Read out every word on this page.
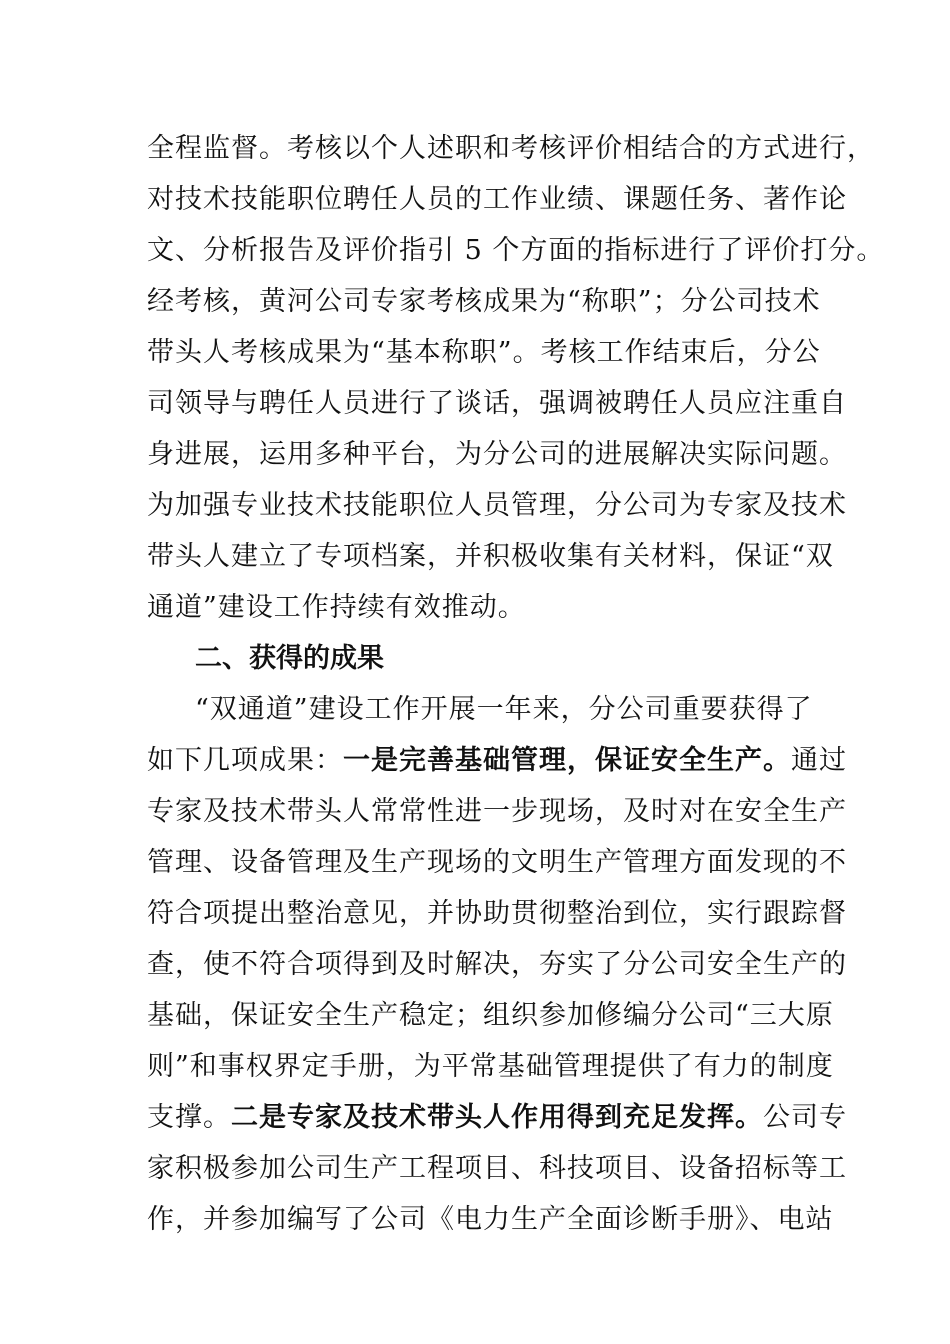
全程监督。考核以个人述职和考核评价相结合的方式进行，
对技术技能职位聘任人员的工作业绩、课题任务、著作论
文、分析报告及评价指引 5 个方面的指标进行了评价打分。
经考核，黄河公司专家考核成果为“称职”；分公司技术
带头人考核成果为“基本称职”。考核工作结束后，分公
司领导与聘任人员进行了谈话，强调被聘任人员应注重自
身进展，运用多种平台，为分公司的进展解决实际问题。
为加强专业技术技能职位人员管理，分公司为专家及技术
带头人建立了专项档案，并积极收集有关材料，保证“双
通道”建设工作持续有效推动。
二、获得的成果
“双通道”建设工作开展一年来，分公司重要获得了
如下几项成果：一是完善基础管理，保证安全生产。通过
专家及技术带头人常常性进一步现场，及时对在安全生产
管理、设备管理及生产现场的文明生产管理方面发现的不
符合项提出整治意见，并协助贯彻整治到位，实行跟踪督
查，使不符合项得到及时解决，夯实了分公司安全生产的
基础，保证安全生产稳定；组织参加修编分公司“三大原
则”和事权界定手册，为平常基础管理提供了有力的制度
支撑。二是专家及技术带头人作用得到充足发挥。公司专
家积极参加公司生产工程项目、科技项目、设备招标等工
作，并参加编写了公司《电力生产全面诊断手册》、电站
